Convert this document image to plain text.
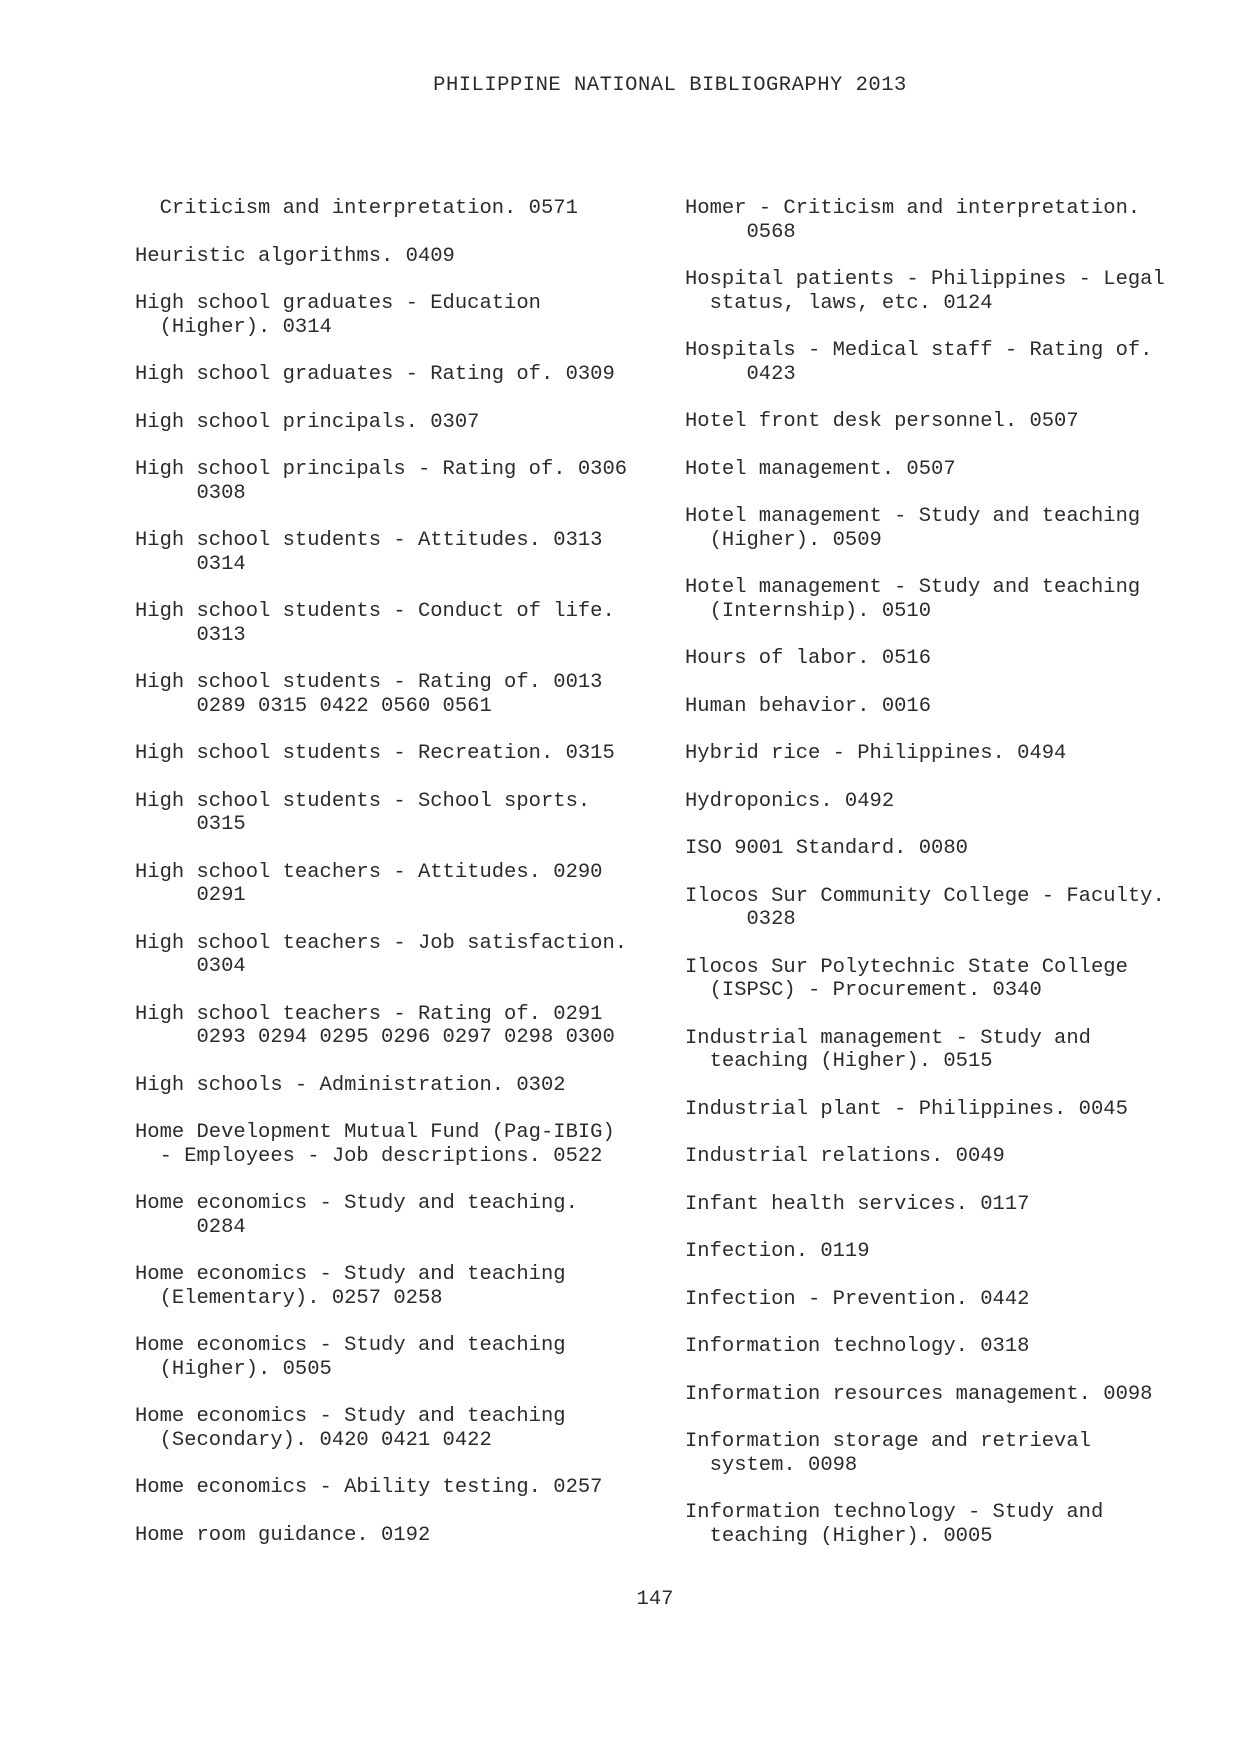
PHILIPPINE NATIONAL BIBLIOGRAPHY 2013
Criticism and interpretation. 0571
Heuristic algorithms. 0409
High school graduates - Education
(Higher). 0314
High school graduates - Rating of. 0309
High school principals. 0307
High school principals - Rating of. 0306
0308
High school students - Attitudes. 0313
0314
High school students - Conduct of life.
0313
High school students - Rating of. 0013
0289 0315 0422 0560 0561
High school students - Recreation. 0315
High school students - School sports.
0315
High school teachers - Attitudes. 0290
0291
High school teachers - Job satisfaction.
0304
High school teachers - Rating of. 0291
0293 0294 0295 0296 0297 0298 0300
High schools - Administration. 0302
Home Development Mutual Fund (Pag-IBIG)
- Employees - Job descriptions. 0522
Home economics - Study and teaching.
0284
Home economics - Study and teaching
(Elementary). 0257 0258
Home economics - Study and teaching
(Higher). 0505
Home economics - Study and teaching
(Secondary). 0420 0421 0422
Home economics - Ability testing. 0257
Home room guidance. 0192
Homer - Criticism and interpretation.
0568
Hospital patients - Philippines - Legal
status, laws, etc. 0124
Hospitals - Medical staff - Rating of.
0423
Hotel front desk personnel. 0507
Hotel management. 0507
Hotel management - Study and teaching
(Higher). 0509
Hotel management - Study and teaching
(Internship). 0510
Hours of labor. 0516
Human behavior. 0016
Hybrid rice - Philippines. 0494
Hydroponics. 0492
ISO 9001 Standard. 0080
Ilocos Sur Community College - Faculty.
0328
Ilocos Sur Polytechnic State College
(ISPSC) - Procurement. 0340
Industrial management - Study and
teaching (Higher). 0515
Industrial plant - Philippines. 0045
Industrial relations. 0049
Infant health services. 0117
Infection. 0119
Infection - Prevention. 0442
Information technology. 0318
Information resources management. 0098
Information storage and retrieval
system. 0098
Information technology - Study and
teaching (Higher). 0005
147
